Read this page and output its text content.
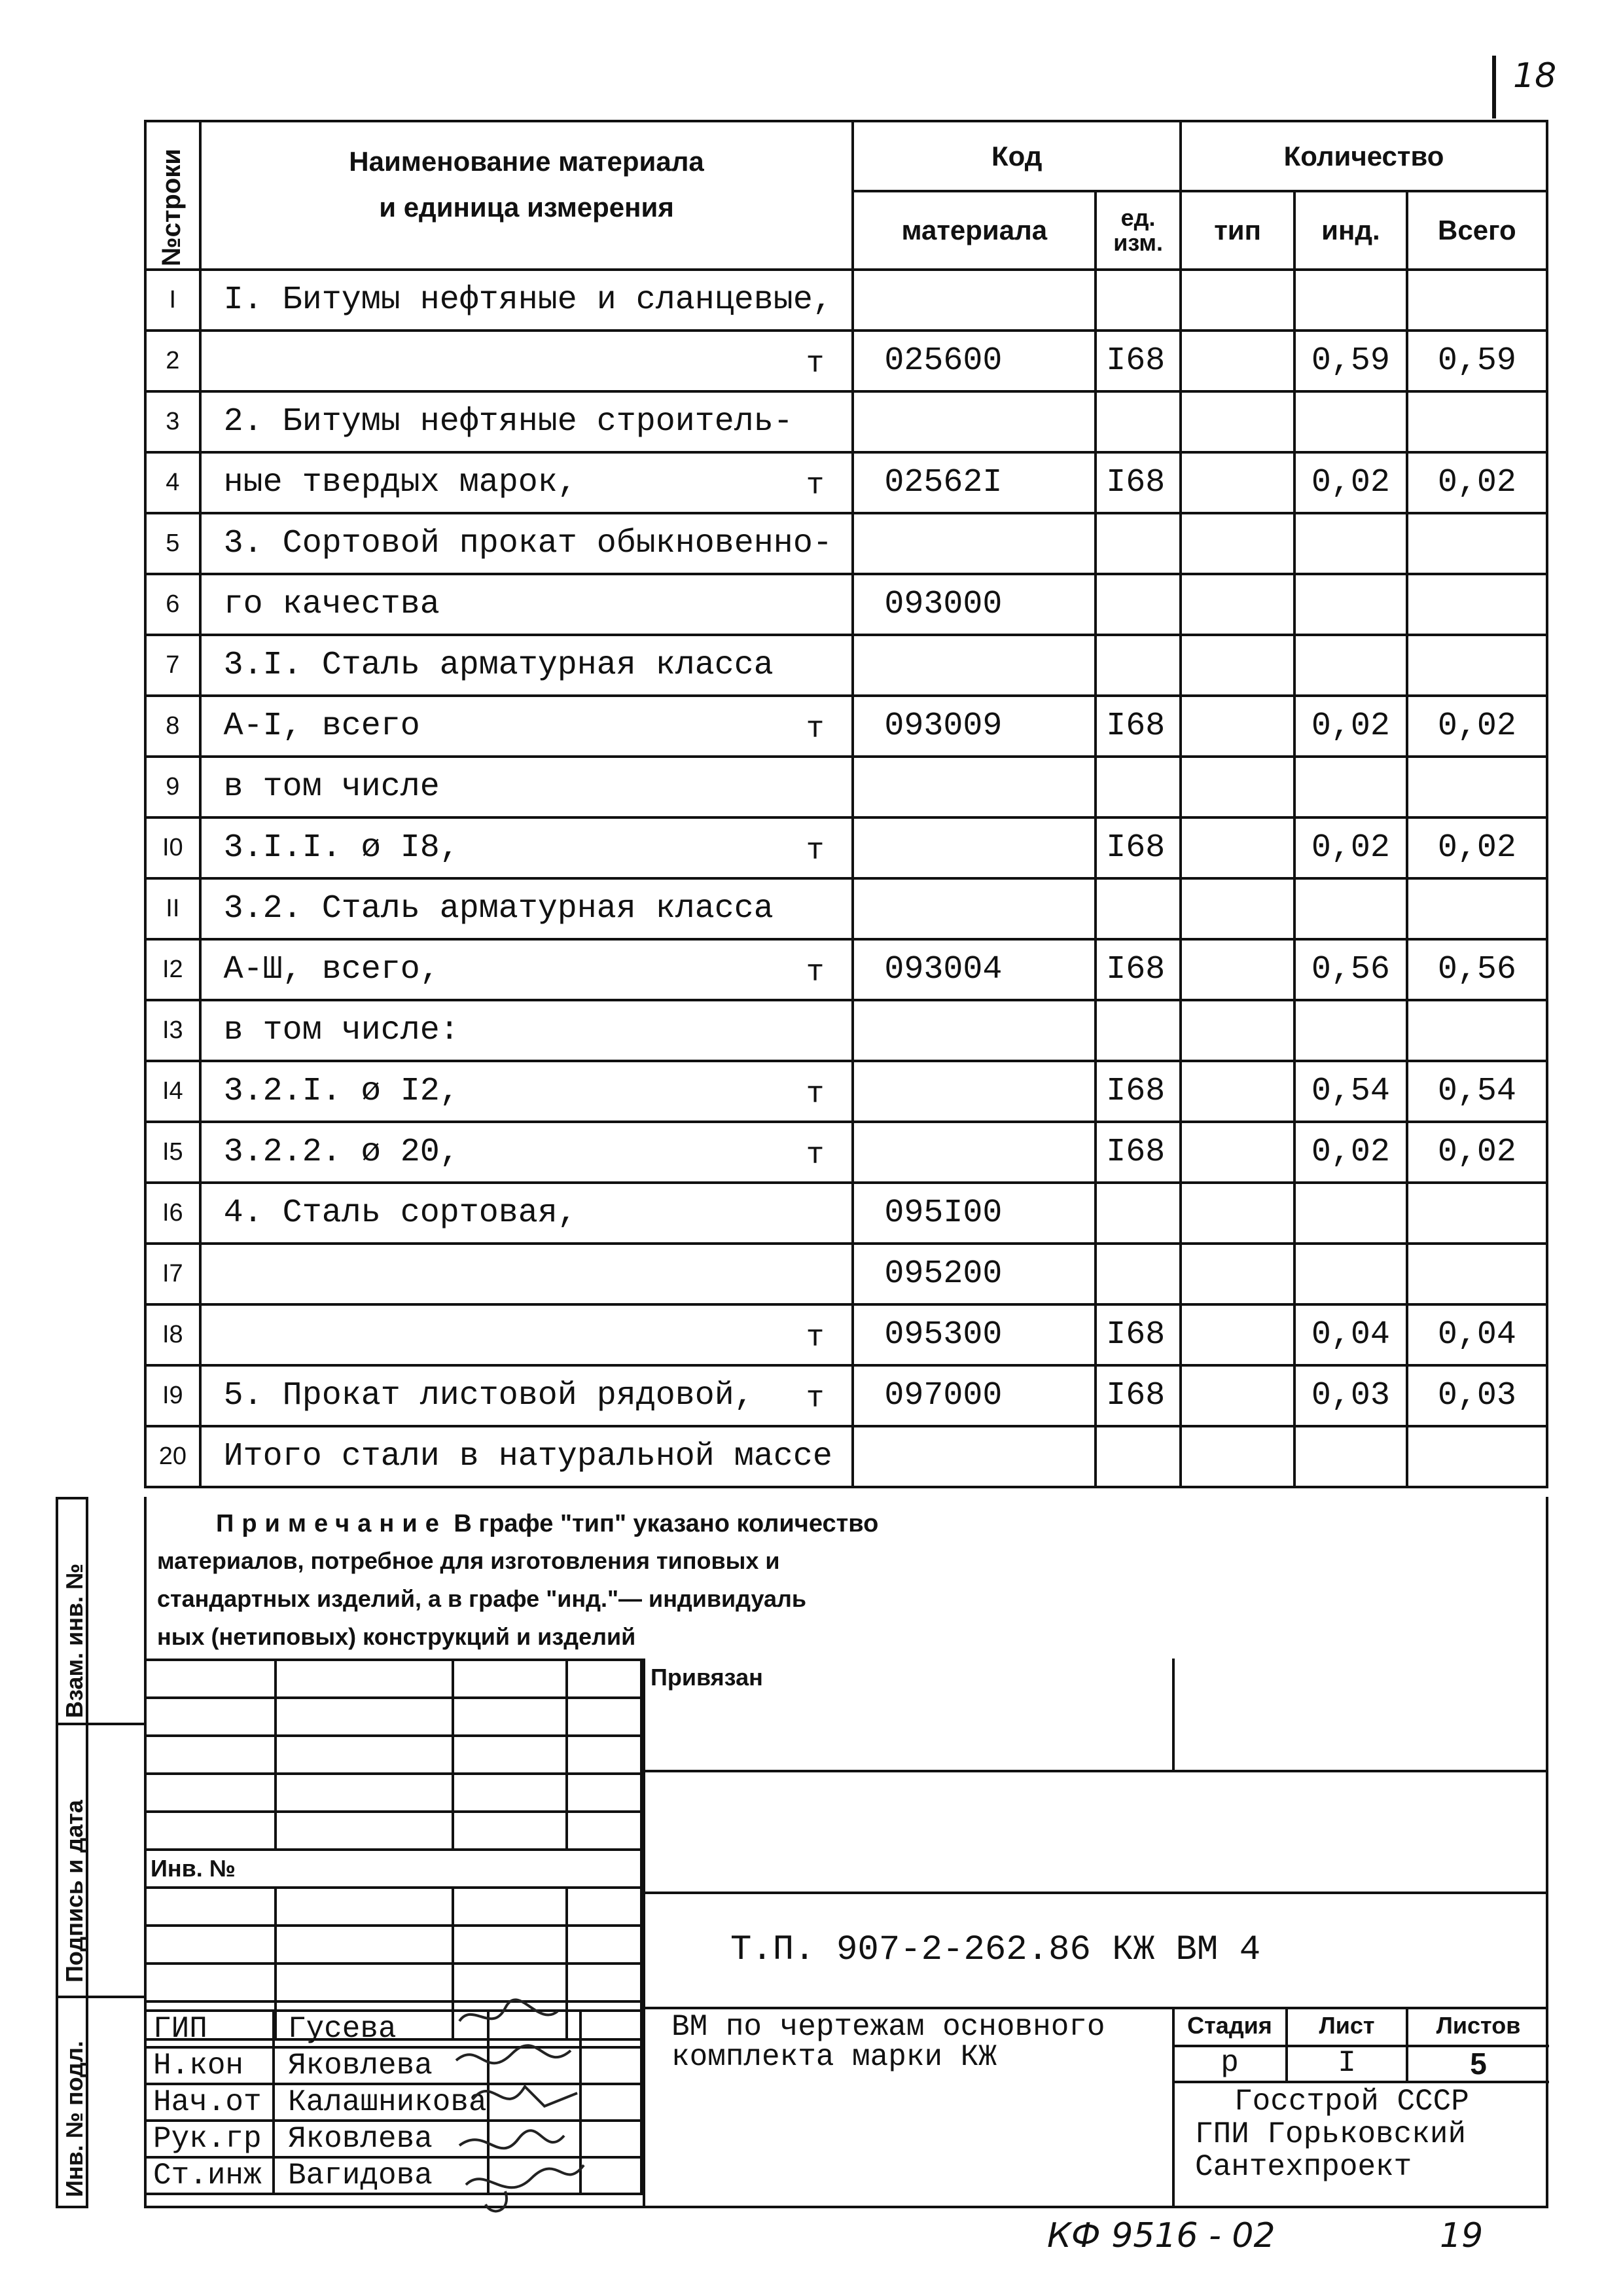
18
№строки	Наименование материала
и единица измерения	Код		Количество		
		материала	ед. изм.	тип	инд.	Всего
I	I. Битумы нефтяные и сланцевые,

2	т	025600	I68		0,59	0,59
3	2. Битумы нефтяные строитель-

4	ные твердых марок, т	02562I	I68		0,02	0,02
5	3. Сортовой прокат обыкновенно-

6	го качества	093000				
7	3.I. Сталь арматурная класса

8	А-I, всего т	093009	I68		0,02	0,02
9	в том числе

I0	3.I.I. ø I8, т		I68		0,02	0,02
II	3.2. Сталь арматурная класса

I2	А-Ш, всего, т	093004	I68		0,56	0,56
I3	в том числе:

I4	3.2.I. ø I2, т		I68		0,54	0,54
I5	3.2.2. ø 20, т		I68		0,02	0,02
I6	4. Сталь сортовая,	095I00				
I7		095200				
I8	т	095300	I68		0,04	0,04
I9	5. Прокат листовой рядовой, т	097000	I68		0,03	0,03
20	Итого стали в натуральной массе

Примечание В графе "тип" указано количество
материалов, потребное для изготовления типовых и
стандартных изделий, а в графе "инд."— индивидуаль
ных (нетиповых) конструкций и изделий
Взам. инв. №
Подпись и дата
Инв. № подл.

Инв. №			

ГИП	Гусева		
Н.кон	Яковлева		
Нач.от	Калашникова		
Рук.гр	Яковлева		
Ст.инж	Вагидова		
Привязан
Т.П. 907-2-262.86 КЖ ВМ 4
ВМ по чертежам основного
комплекта марки КЖ
Стадия	Лист	Листов
р	I	5
Госстрой СССР
ГПИ Горьковский
Сантехпроект
КФ 9516 - 02	19
